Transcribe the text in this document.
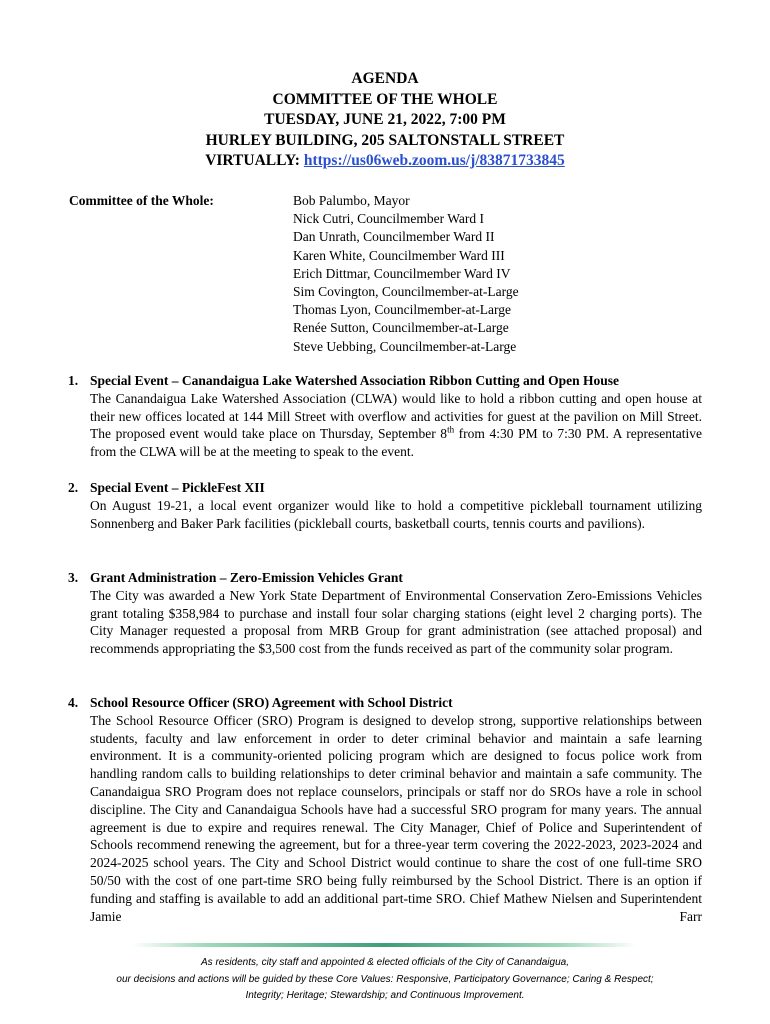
AGENDA
COMMITTEE OF THE WHOLE
TUESDAY, JUNE 21, 2022, 7:00 PM
HURLEY BUILDING, 205 SALTONSTALL STREET
VIRTUALLY: https://us06web.zoom.us/j/83871733845
Committee of the Whole:	Bob Palumbo, Mayor
Nick Cutri, Councilmember Ward I
Dan Unrath, Councilmember Ward II
Karen White, Councilmember Ward III
Erich Dittmar, Councilmember Ward IV
Sim Covington, Councilmember-at-Large
Thomas Lyon, Councilmember-at-Large
Renée Sutton, Councilmember-at-Large
Steve Uebbing, Councilmember-at-Large
1. Special Event – Canandaigua Lake Watershed Association Ribbon Cutting and Open House
The Canandaigua Lake Watershed Association (CLWA) would like to hold a ribbon cutting and open house at their new offices located at 144 Mill Street with overflow and activities for guest at the pavilion on Mill Street. The proposed event would take place on Thursday, September 8th from 4:30 PM to 7:30 PM. A representative from the CLWA will be at the meeting to speak to the event.
2. Special Event – PickleFest XII
On August 19-21, a local event organizer would like to hold a competitive pickleball tournament utilizing Sonnenberg and Baker Park facilities (pickleball courts, basketball courts, tennis courts and pavilions).
3. Grant Administration – Zero-Emission Vehicles Grant
The City was awarded a New York State Department of Environmental Conservation Zero-Emissions Vehicles grant totaling $358,984 to purchase and install four solar charging stations (eight level 2 charging ports). The City Manager requested a proposal from MRB Group for grant administration (see attached proposal) and recommends appropriating the $3,500 cost from the funds received as part of the community solar program.
4. School Resource Officer (SRO) Agreement with School District
The School Resource Officer (SRO) Program is designed to develop strong, supportive relationships between students, faculty and law enforcement in order to deter criminal behavior and maintain a safe learning environment. It is a community-oriented policing program which are designed to focus police work from handling random calls to building relationships to deter criminal behavior and maintain a safe community. The Canandaigua SRO Program does not replace counselors, principals or staff nor do SROs have a role in school discipline. The City and Canandaigua Schools have had a successful SRO program for many years. The annual agreement is due to expire and requires renewal. The City Manager, Chief of Police and Superintendent of Schools recommend renewing the agreement, but for a three-year term covering the 2022-2023, 2023-2024 and 2024-2025 school years. The City and School District would continue to share the cost of one full-time SRO 50/50 with the cost of one part-time SRO being fully reimbursed by the School District. There is an option if funding and staffing is available to add an additional part-time SRO. Chief Mathew Nielsen and Superintendent Jamie Farr
As residents, city staff and appointed & elected officials of the City of Canandaigua,
our decisions and actions will be guided by these Core Values: Responsive, Participatory Governance; Caring & Respect;
Integrity; Heritage; Stewardship; and Continuous Improvement.
